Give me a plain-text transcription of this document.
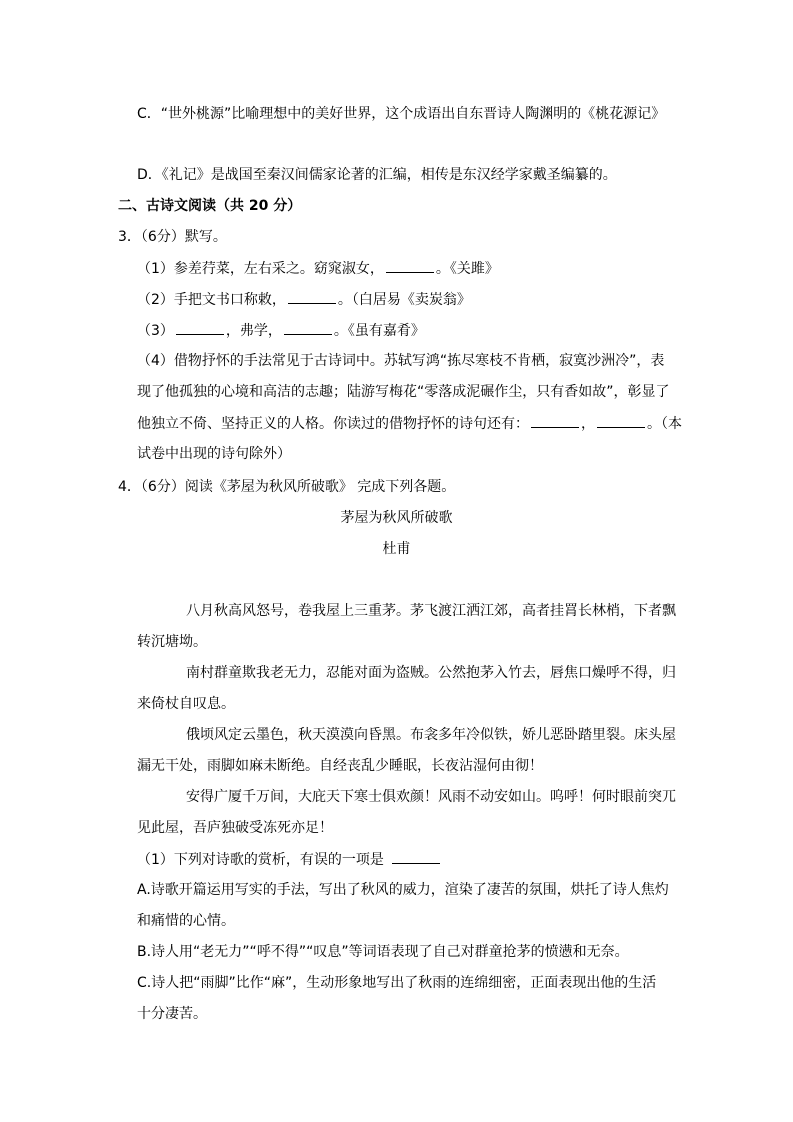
C．“世外桃源”比喻理想中的美好世界，这个成语出自东晋诗人陶渊明的《桃花源记》
D．《礼记》是战国至秦汉间儒家论著的汇编，相传是东汉经学家戴圣编纂的。
二、古诗文阅读（共 20 分）
3．（6分）默写。
（1）参差荇菜，左右采之。窈窕淑女，	。《关雎》
（2）手把文书口称敕，	。（白居易《卖炭翁》
（3）	，弗学，	。《虽有嘉肴》
（4）借物抒怀的手法常见于古诗词中。苏轼写鸿“拣尽寒枝不肯栖，寂寞沙洲冷”，表
现了他孤独的心境和高洁的志趣；陆游写梅花“零落成泥碾作尘，只有香如故”，彰显了
他独立不倚、坚持正义的人格。你读过的借物抒怀的诗句还有：	，	。（本
试卷中出现的诗句除外）
4．（6分）阅读《茅屋为秋风所破歌》 完成下列各题。
茅屋为秋风所破歌
杜甫
八月秋高风怒号，卷我屋上三重茅。茅飞渡江洒江郊，高者挂罥长林梢，下者飘
转沉塘坳。
南村群童欺我老无力，忍能对面为盗贼。公然抱茅入竹去，唇焦口燥呼不得，归
来倚杖自叹息。
俄顷风定云墨色，秋天漠漠向昏黑。布衾多年冷似铁，娇儿恶卧踏里裂。床头屋
漏无干处，雨脚如麻未断绝。自经丧乱少睡眠，长夜沾湿何由彻！
安得广厦千万间，大庇天下寒士俱欢颜！风雨不动安如山。呜呼！何时眼前突兀
见此屋，吾庐独破受冻死亦足！
（1）下列对诗歌的赏析，有误的一项是
A.诗歌开篇运用写实的手法，写出了秋风的威力，渲染了凄苦的氛围，烘托了诗人焦灼
和痛惜的心情。
B.诗人用“老无力”“呼不得”“叹息”等词语表现了自己对群童抢茅的愤懑和无奈。
C.诗人把“雨脚”比作“麻”，生动形象地写出了秋雨的连绵细密，正面表现出他的生活
十分凄苦。
